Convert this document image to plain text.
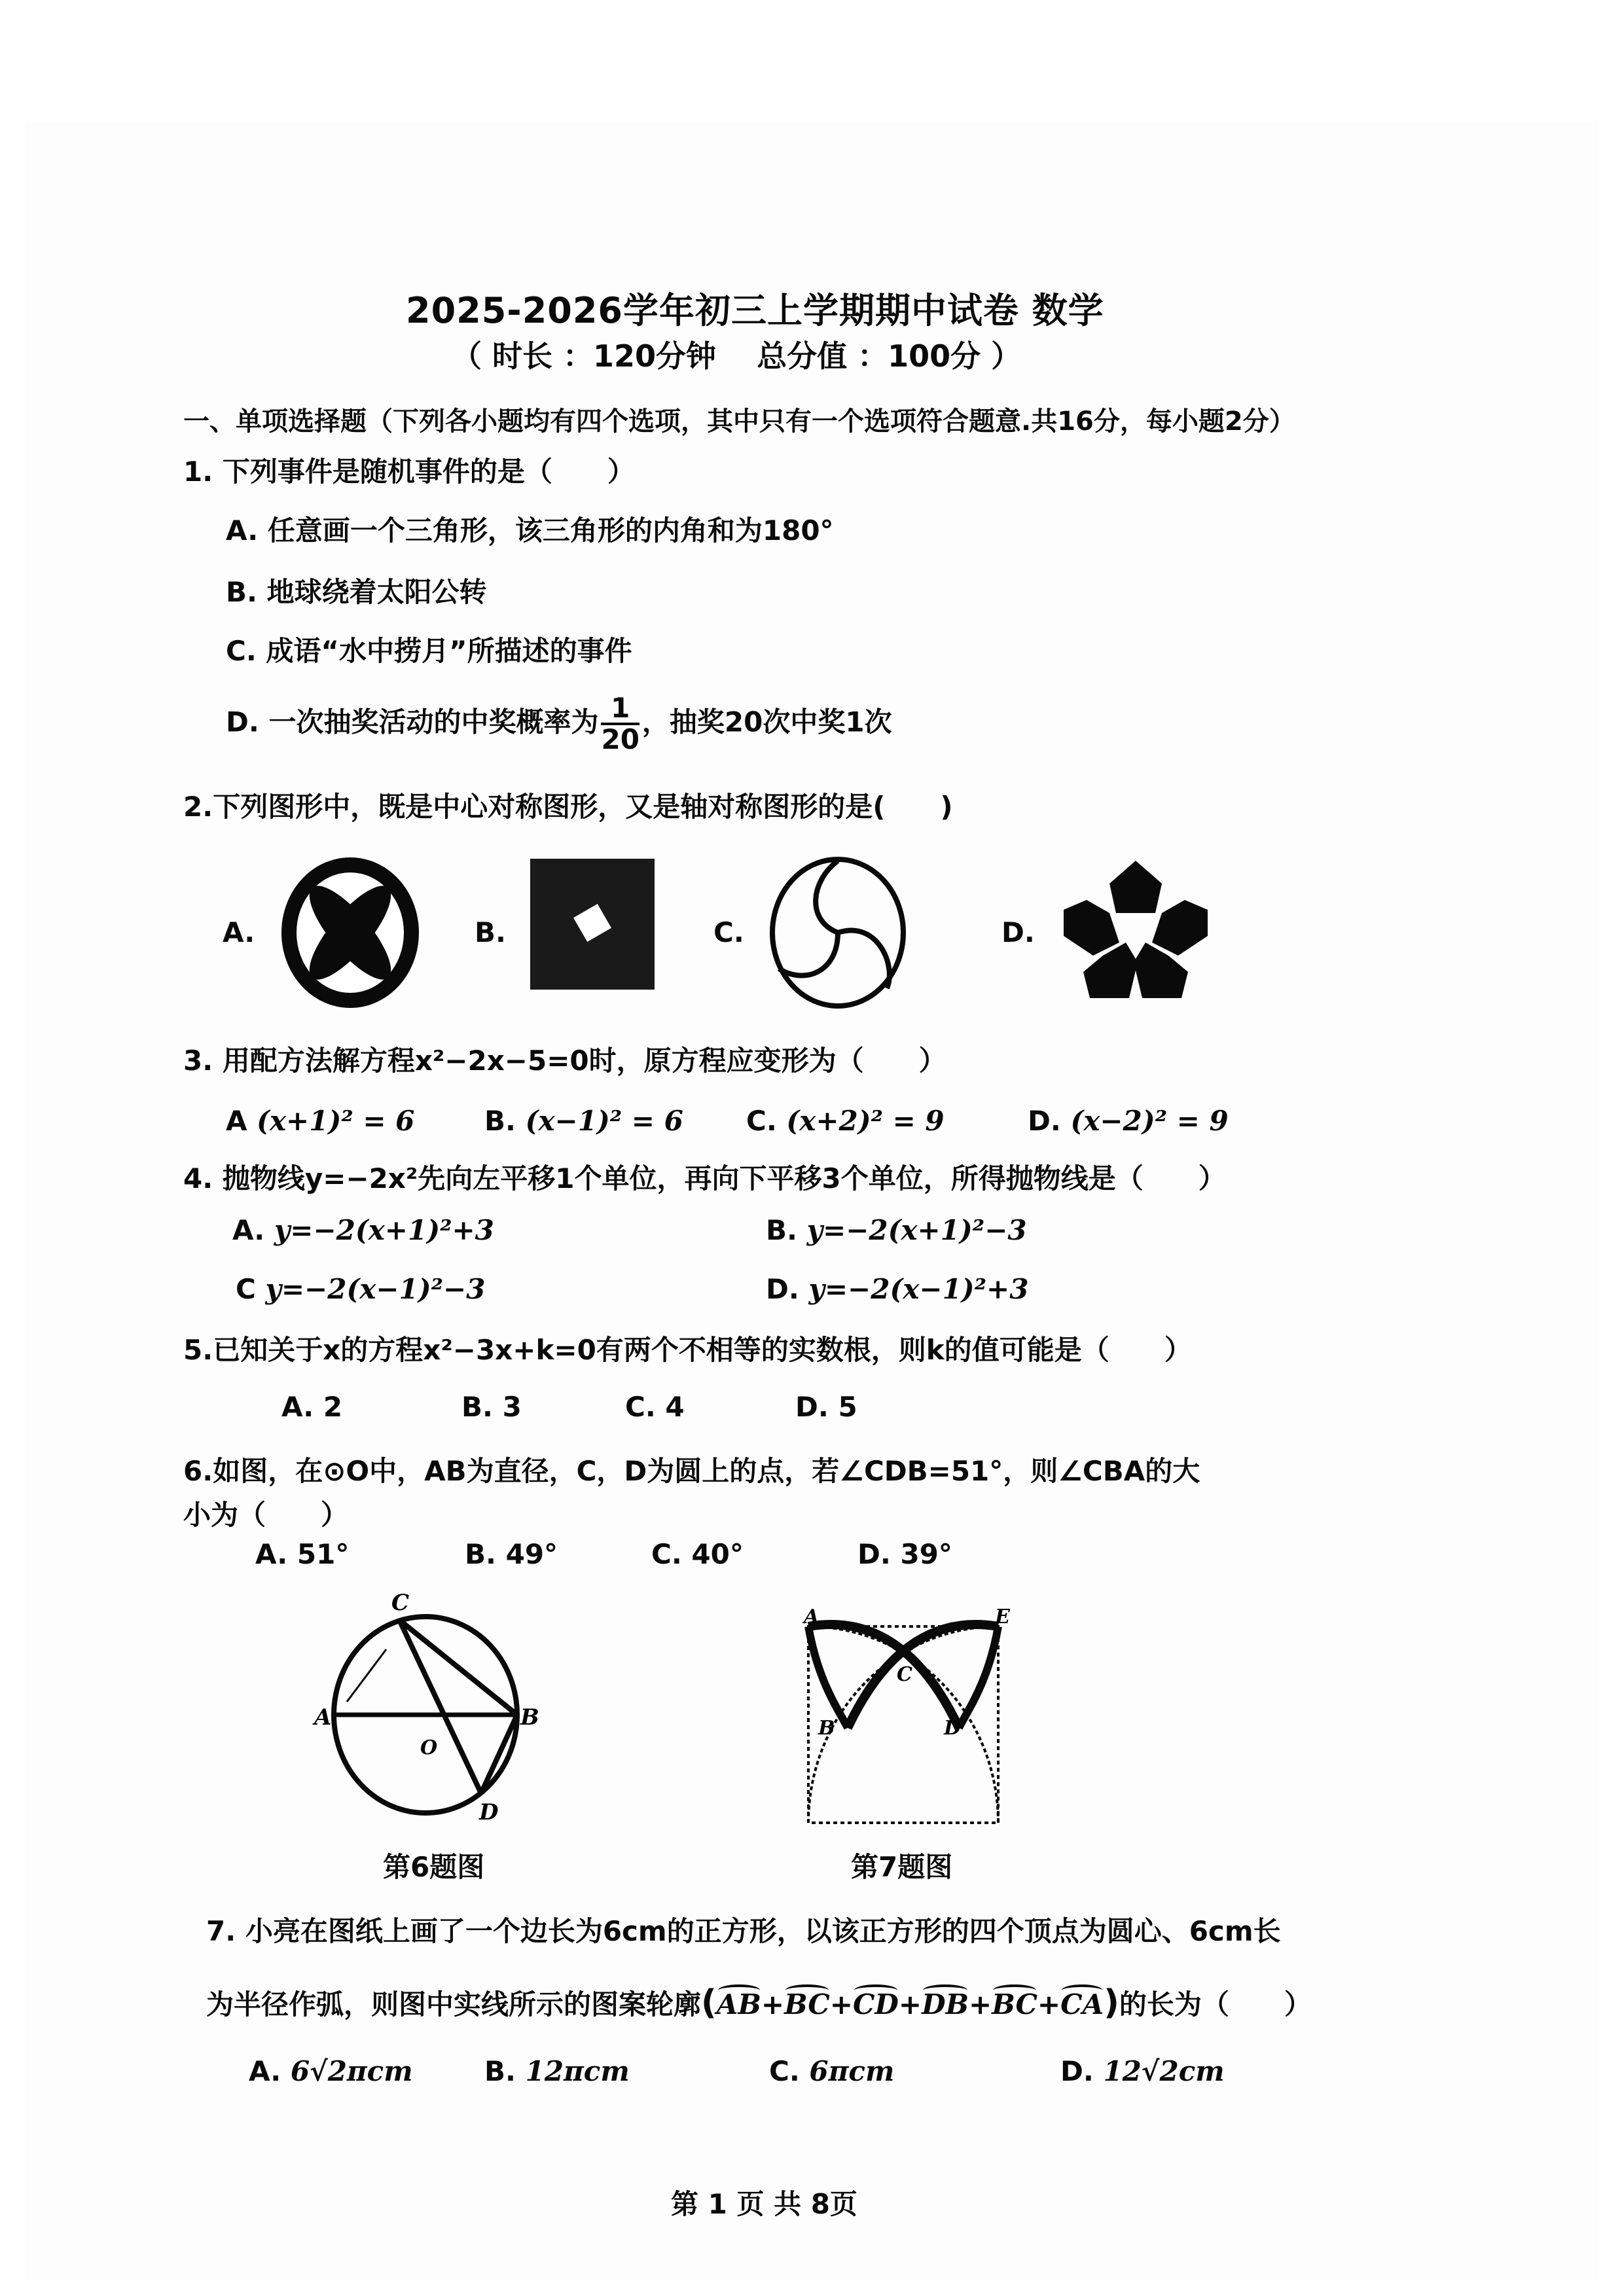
2025-2026学年初三上学期期中试卷 数学
（ 时长 ：120分钟　 总分值 ：100分 ）
一、单项选择题（下列各小题均有四个选项，其中只有一个选项符合题意.共16分，每小题2分）
1. 下列事件是随机事件的是（　　）
A. 任意画一个三角形，该三角形的内角和为180°
B. 地球绕着太阳公转
C. 成语“水中捞月”所描述的事件
D. 一次抽奖活动的中奖概率为 $\frac{1}{20}$ ，抽奖20次中奖1次
2.下列图形中，既是中心对称图形，又是轴对称图形的是(　　)
A.	B.	C.	D.
3. 用配方法解方程x²−2x−5=0时，原方程应变形为（　　）
A (x+1)² = 6	B. (x−1)² = 6 C. (x+2)² = 9	D. (x−2)² = 9
4. 抛物线y=−2x²先向左平移1个单位，再向下平移3个单位，所得抛物线是（　　）
A. y=−2(x+1)²+3	B. y=−2(x+1)²−3
C y=−2(x−1)²−3	D. y=−2(x−1)²+3
5.已知关于x的方程x²−3x+k=0有两个不相等的实数根，则k的值可能是（　　）
A. 2	B. 3	C. 4	D. 5
6.如图，在⊙O中，AB为直径，C，D为圆上的点，若∠CDB=51°，则∠CBA的大
小为（　　）
A. 51°	B. 49°	C. 40°	D. 39°
C
A	B
O
D
第6题图
A	E
C
B	D
第7题图
7. 小亮在图纸上画了一个边长为6cm的正方形，以该正方形的四个顶点为圆心、6cm长
为半径作弧，则图中实线所示的图案轮廓(AB+BC+CD+DB+BC+CA)的长为（　　）
A. 6√2πcm	B. 12πcm	C. 6πcm	D. 12√2cm
第 1 页 共 8页
